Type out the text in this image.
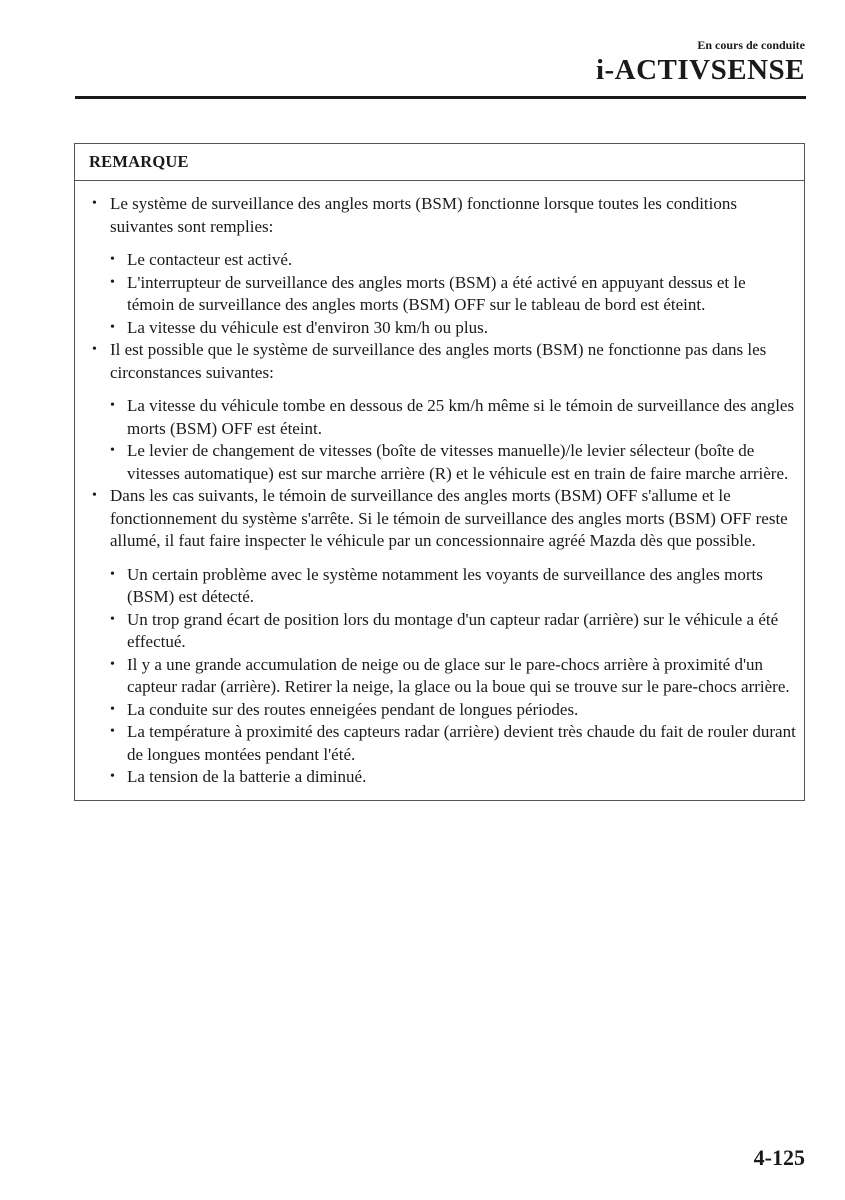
En cours de conduite
i-ACTIVSENSE
REMARQUE

• Le système de surveillance des angles morts (BSM) fonctionne lorsque toutes les conditions suivantes sont remplies:

• Le contacteur est activé.

• L'interrupteur de surveillance des angles morts (BSM) a été activé en appuyant dessus et le témoin de surveillance des angles morts (BSM) OFF sur le tableau de bord est éteint.

• La vitesse du véhicule est d'environ 30 km/h ou plus.

• Il est possible que le système de surveillance des angles morts (BSM) ne fonctionne pas dans les circonstances suivantes:

• La vitesse du véhicule tombe en dessous de 25 km/h même si le témoin de surveillance des angles morts (BSM) OFF est éteint.

• Le levier de changement de vitesses (boîte de vitesses manuelle)/le levier sélecteur (boîte de vitesses automatique) est sur marche arrière (R) et le véhicule est en train de faire marche arrière.

• Dans les cas suivants, le témoin de surveillance des angles morts (BSM) OFF s'allume et le fonctionnement du système s'arrête. Si le témoin de surveillance des angles morts (BSM) OFF reste allumé, il faut faire inspecter le véhicule par un concessionnaire agréé Mazda dès que possible.

• Un certain problème avec le système notamment les voyants de surveillance des angles morts (BSM) est détecté.

• Un trop grand écart de position lors du montage d'un capteur radar (arrière) sur le véhicule a été effectué.

• Il y a une grande accumulation de neige ou de glace sur le pare-chocs arrière à proximité d'un capteur radar (arrière). Retirer la neige, la glace ou la boue qui se trouve sur le pare-chocs arrière.

• La conduite sur des routes enneigées pendant de longues périodes.

• La température à proximité des capteurs radar (arrière) devient très chaude du fait de rouler durant de longues montées pendant l'été.

• La tension de la batterie a diminué.

4-125
